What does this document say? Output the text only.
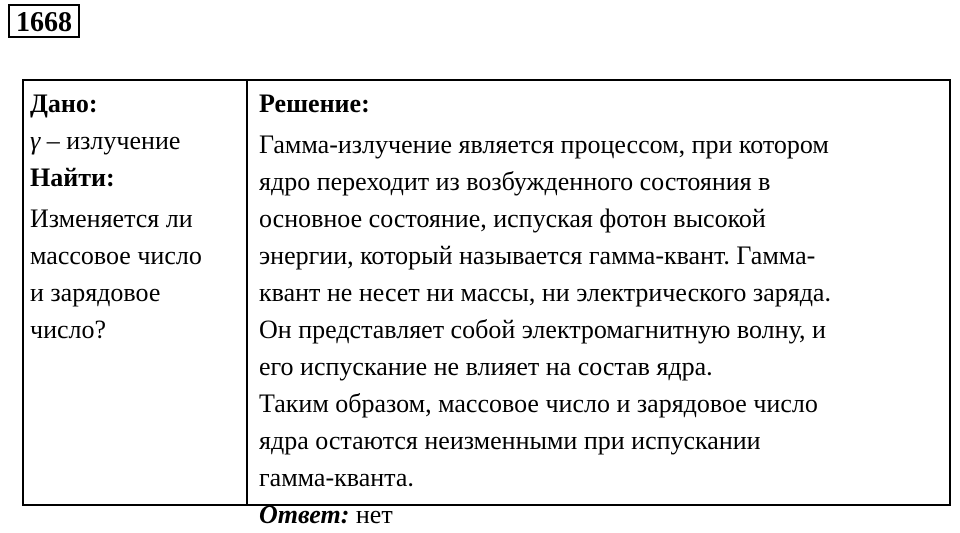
1668
Дано:
γ – излучение
Найти:
Изменяется ли
массовое число
и зарядовое
число?
Решение:
Гамма-излучение является процессом, при котором
ядро переходит из возбужденного состояния в
основное состояние, испуская фотон высокой
энергии, который называется гамма-квант. Гамма-
квант не несет ни массы, ни электрического заряда.
Он представляет собой электромагнитную волну, и
его испускание не влияет на состав ядра.
Таким образом, массовое число и зарядовое число
ядра остаются неизменными при испускании
гамма-кванта.
Ответ: нет
